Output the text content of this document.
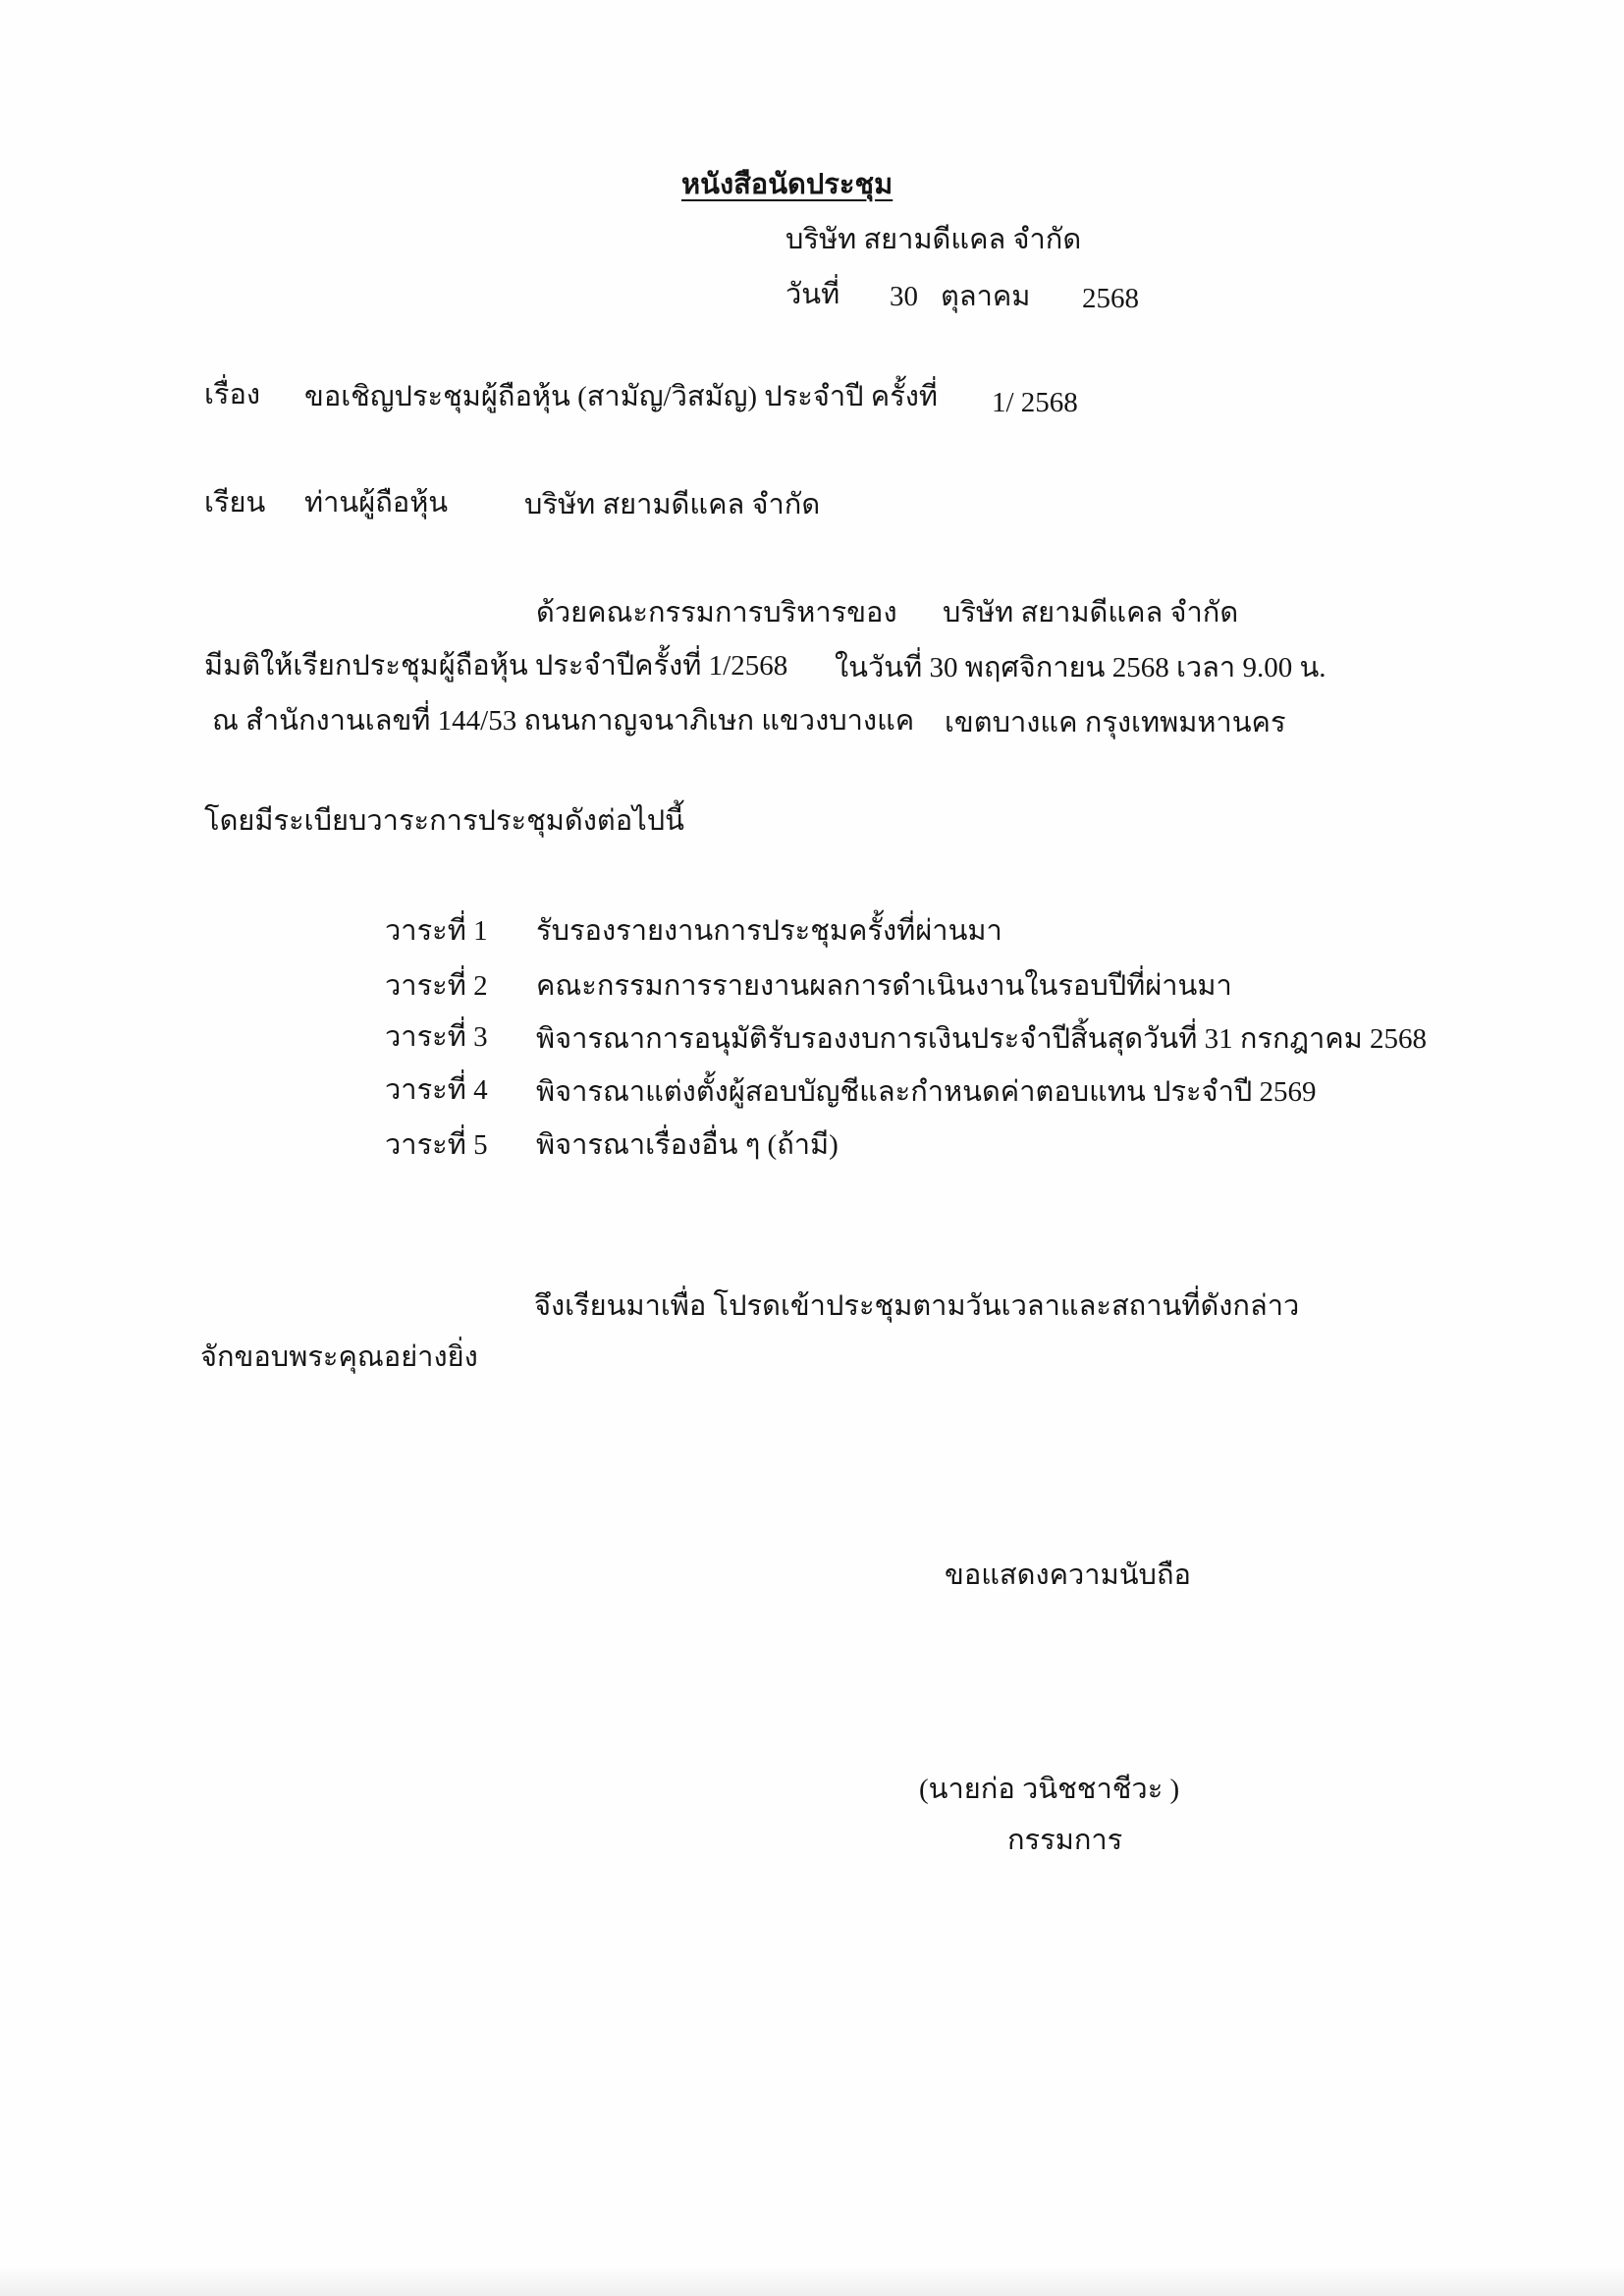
หนังสือนัดประชุม
บริษัท สยามดีแคล จำกัด
วันที่ 30 ตุลาคม 2568
เรื่อง ขอเชิญประชุมผู้ถือหุ้น (สามัญ/วิสมัญ) ประจำปี ครั้งที่ 1/ 2568
เรียน ท่านผู้ถือหุ้น	บริษัท สยามดีแคล จำกัด
ด้วยคณะกรรมการบริหารของ บริษัท สยามดีแคล จำกัด
มีมติให้เรียกประชุมผู้ถือหุ้น ประจำปีครั้งที่ 1/2568 ในวันที่ 30 พฤศจิกายน 2568 เวลา 9.00 น.
ณ สำนักงานเลขที่ 144/53 ถนนกาญจนาภิเษก แขวงบางแค เขตบางแค กรุงเทพมหานคร
โดยมีระเบียบวาระการประชุมดังต่อไปนี้
วาระที่ 1 รับรองรายงานการประชุมครั้งที่ผ่านมา
วาระที่ 2 คณะกรรมการรายงานผลการดำเนินงานในรอบปีที่ผ่านมา
วาระที่ 3 พิจารณาการอนุมัติรับรองงบการเงินประจำปีสิ้นสุดวันที่ 31 กรกฎาคม 2568
วาระที่ 4 พิจารณาแต่งตั้งผู้สอบบัญชีและกำหนดค่าตอบแทน ประจำปี 2569
วาระที่ 5 พิจารณาเรื่องอื่น ๆ (ถ้ามี)
จึงเรียนมาเพื่อ โปรดเข้าประชุมตามวันเวลาและสถานที่ดังกล่าว
จักขอบพระคุณอย่างยิ่ง
ขอแสดงความนับถือ
(นายก่อ วนิชชาชีวะ )
กรรมการ
